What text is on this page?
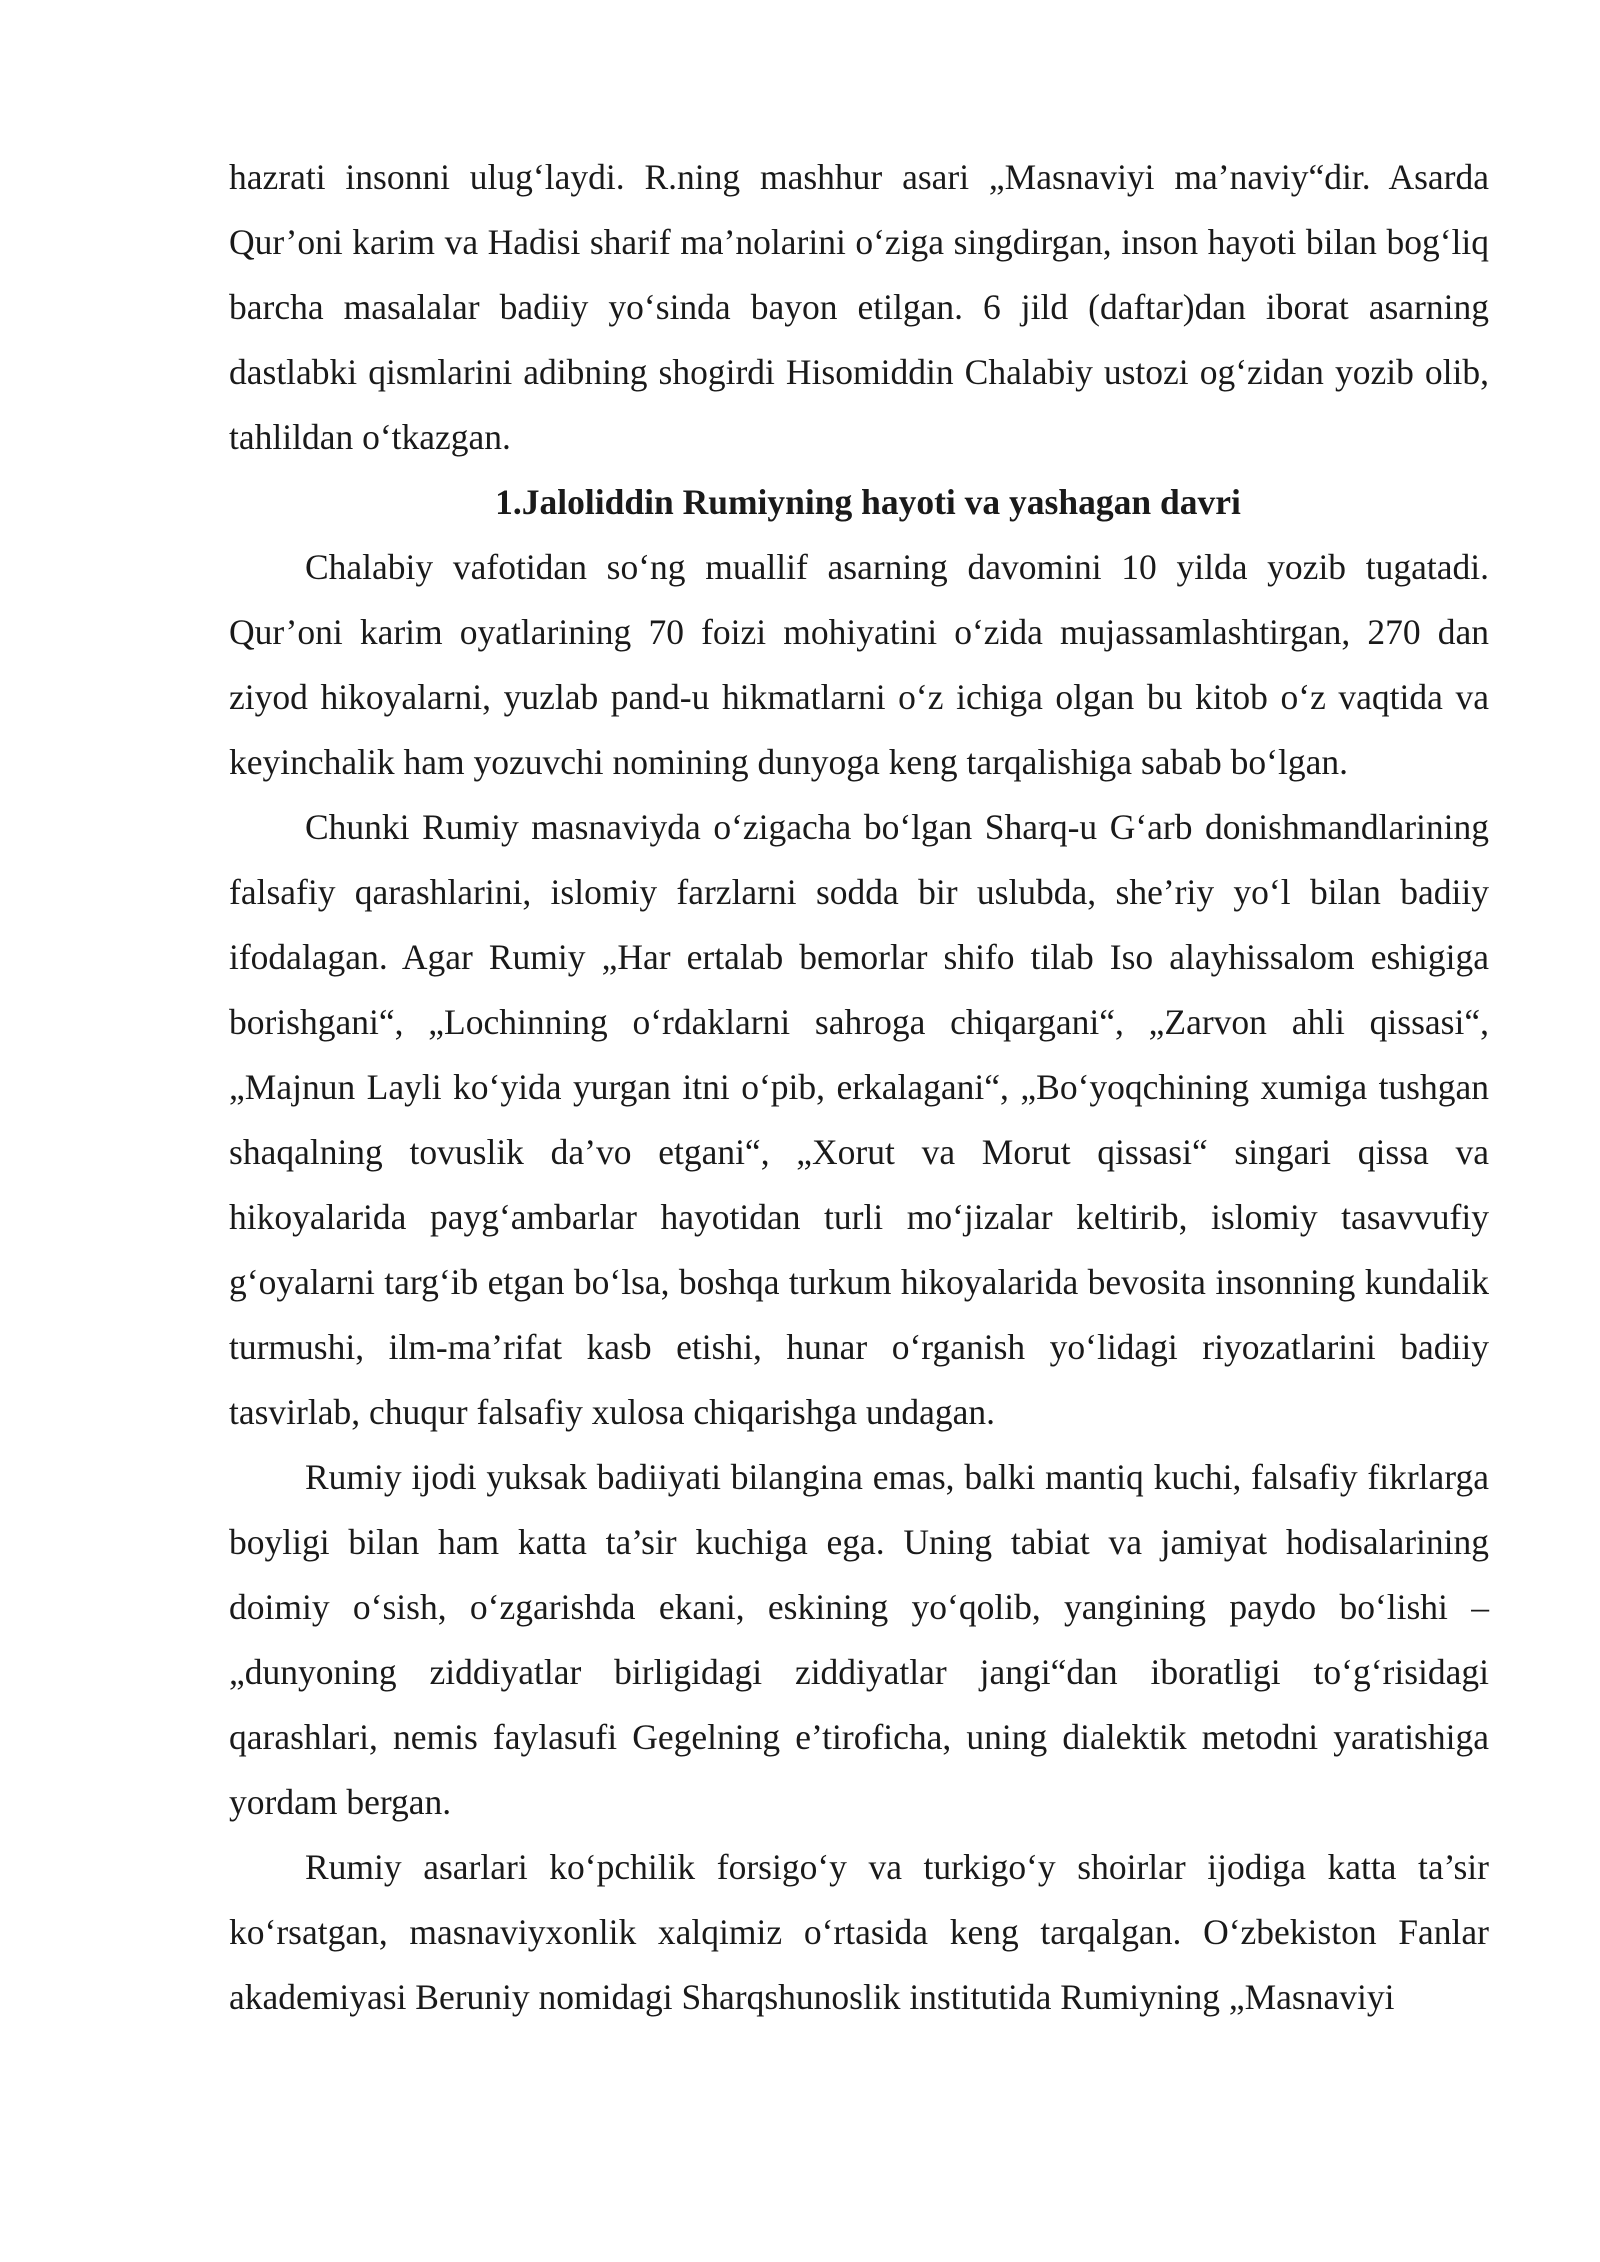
hazrati insonni ulug‘laydi. R.ning mashhur asari „Masnaviyi ma’naviy“dir. Asarda Qur’oni karim va Hadisi sharif ma’nolarini o‘ziga singdirgan, inson hayoti bilan bog‘liq barcha masalalar badiiy yo‘sinda bayon etilgan. 6 jild (daftar)dan iborat asarning dastlabki qismlarini adibning shogirdi Hisomiddin Chalabiy ustozi og‘zidan yozib olib, tahlildan o‘tkazgan.

1.Jaloliddin Rumiyning hayoti va yashagan davri

Chalabiy vafotidan so‘ng muallif asarning davomini 10 yilda yozib tugatadi. Qur’oni karim oyatlarining 70 foizi mohiyatini o‘zida mujassamlashtirgan, 270 dan ziyod hikoyalarni, yuzlab pand-u hikmatlarni o‘z ichiga olgan bu kitob o‘z vaqtida va keyinchalik ham yozuvchi nomining dunyoga keng tarqalishiga sabab bo‘lgan.

Chunki Rumiy masnaviyda o‘zigacha bo‘lgan Sharq-u G‘arb donishmandlarining falsafiy qarashlarini, islomiy farzlarni sodda bir uslubda, she’riy yo‘l bilan badiiy ifodalagan. Agar Rumiy „Har ertalab bemorlar shifo tilab Iso alayhissalom eshigiga borishgani“, „Lochinning o‘rdaklarni sahroga chiqargani“, „Zarvon ahli qissasi“, „Majnun Layli ko‘yida yurgan itni o‘pib, erkalagani“, „Bo‘yoqchining xumiga tushgan shaqalning tovuslik da’vo etgani“, „Xorut va Morut qissasi“ singari qissa va hikoyalarida payg‘ambarlar hayotidan turli mo‘jizalar keltirib, islomiy tasavvufiy g‘oyalarni targ‘ib etgan bo‘lsa, boshqa turkum hikoyalarida bevosita insonning kundalik turmushi, ilm-ma’rifat kasb etishi, hunar o‘rganish yo‘lidagi riyozatlarini badiiy tasvirlab, chuqur falsafiy xulosa chiqarishga undagan.

Rumiy ijodi yuksak badiiyati bilangina emas, balki mantiq kuchi, falsafiy fikrlarga boyligi bilan ham katta ta’sir kuchiga ega. Uning tabiat va jamiyat hodisalarining doimiy o‘sish, o‘zgarishda ekani, eskining yo‘qolib, yangining paydo bo‘lishi – „dunyoning ziddiyatlar birligidagi ziddiyatlar jangi“dan iboratligi to‘g‘risidagi qarashlari, nemis faylasufi Gegelning e’tiroficha, uning dialektik metodni yaratishiga yordam bergan.

Rumiy asarlari ko‘pchilik forsigo‘y va turkigo‘y shoirlar ijodiga katta ta’sir ko‘rsatgan, masnaviyxonlik xalqimiz o‘rtasida keng tarqalgan. O‘zbekiston Fanlar akademiyasi Beruniy nomidagi Sharqshunoslik institutida Rumiyning „Masnaviyi
